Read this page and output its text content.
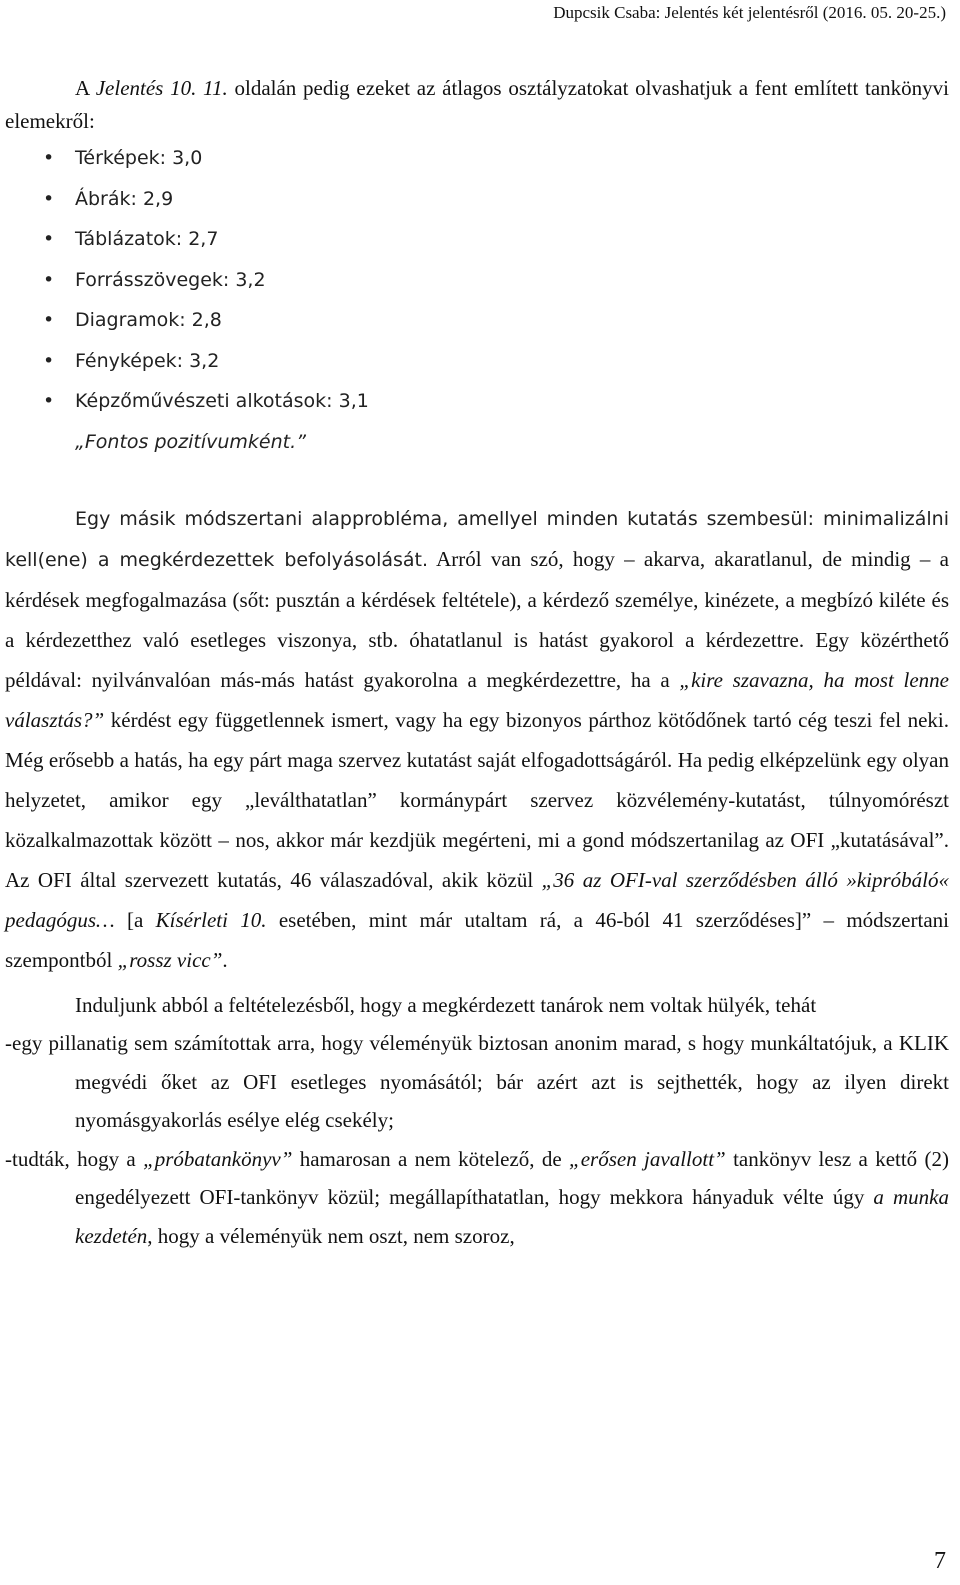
Dupcsik Csaba: Jelentés két jelentésről (2016. 05. 20-25.)

A Jelentés 10. 11. oldalán pedig ezeket az átlagos osztályzatokat olvashatjuk a fent említett tankönyvi elemekről:

• Térképek: 3,0
• Ábrák: 2,9
• Táblázatok: 2,7
• Forrásszövegek: 3,2
• Diagramok: 2,8
• Fényképek: 3,2
• Képzőművészeti alkotások: 3,1
„Fontos pozitívumként.”

Egy másik módszertani alapprobléma, amellyel minden kutatás szembesül: minimalizálni kell(ene) a megkérdezettek befolyásolását. Arról van szó, hogy – akarva, akaratlanul, de mindig – a kérdések megfogalmazása (sőt: pusztán a kérdések feltétele), a kérdező személye, kinézete, a megbízó kiléte és a kérdezetthez való esetleges viszonya, stb. óhatatlanul is hatást gyakorol a kérdezettre. Egy közérthető példával: nyilvánvalóan más-más hatást gyakorolna a megkérdezettre, ha a „kire szavazna, ha most lenne választás?” kérdést egy függetlennek ismert, vagy ha egy bizonyos párthoz kötődőnek tartó cég teszi fel neki. Még erősebb a hatás, ha egy párt maga szervez kutatást saját elfogadottságáról. Ha pedig elképzelünk egy olyan helyzetet, amikor egy „leválthatatlan” kormánypárt szervez közvélemény-kutatást, túlnyomórészt közalkalmazottak között – nos, akkor már kezdjük megérteni, mi a gond módszertanilag az OFI „kutatásával”. Az OFI által szervezett kutatás, 46 válaszadóval, akik közül „36 az OFI-val szerződésben álló »kipróbáló« pedagógus… [a Kísérleti 10. esetében, mint már utaltam rá, a 46-ból 41 szerződéses]” – módszertani szempontból „rossz vicc”.

Induljunk abból a feltételezésből, hogy a megkérdezett tanárok nem voltak hülyék, tehát

-egy pillanatig sem számítottak arra, hogy véleményük biztosan anonim marad, s hogy munkáltatójuk, a KLIK megvédi őket az OFI esetleges nyomásától; bár azért azt is sejthették, hogy az ilyen direkt nyomásgyakorlás esélye elég csekély;

-tudták, hogy a „próbatankönyv” hamarosan a nem kötelező, de „erősen javallott” tankönyv lesz a kettő (2) engedélyezett OFI-tankönyv közül; megállapíthatatlan, hogy mekkora hányaduk vélte úgy a munka kezdetén, hogy a véleményük nem oszt, nem szoroz,

7
